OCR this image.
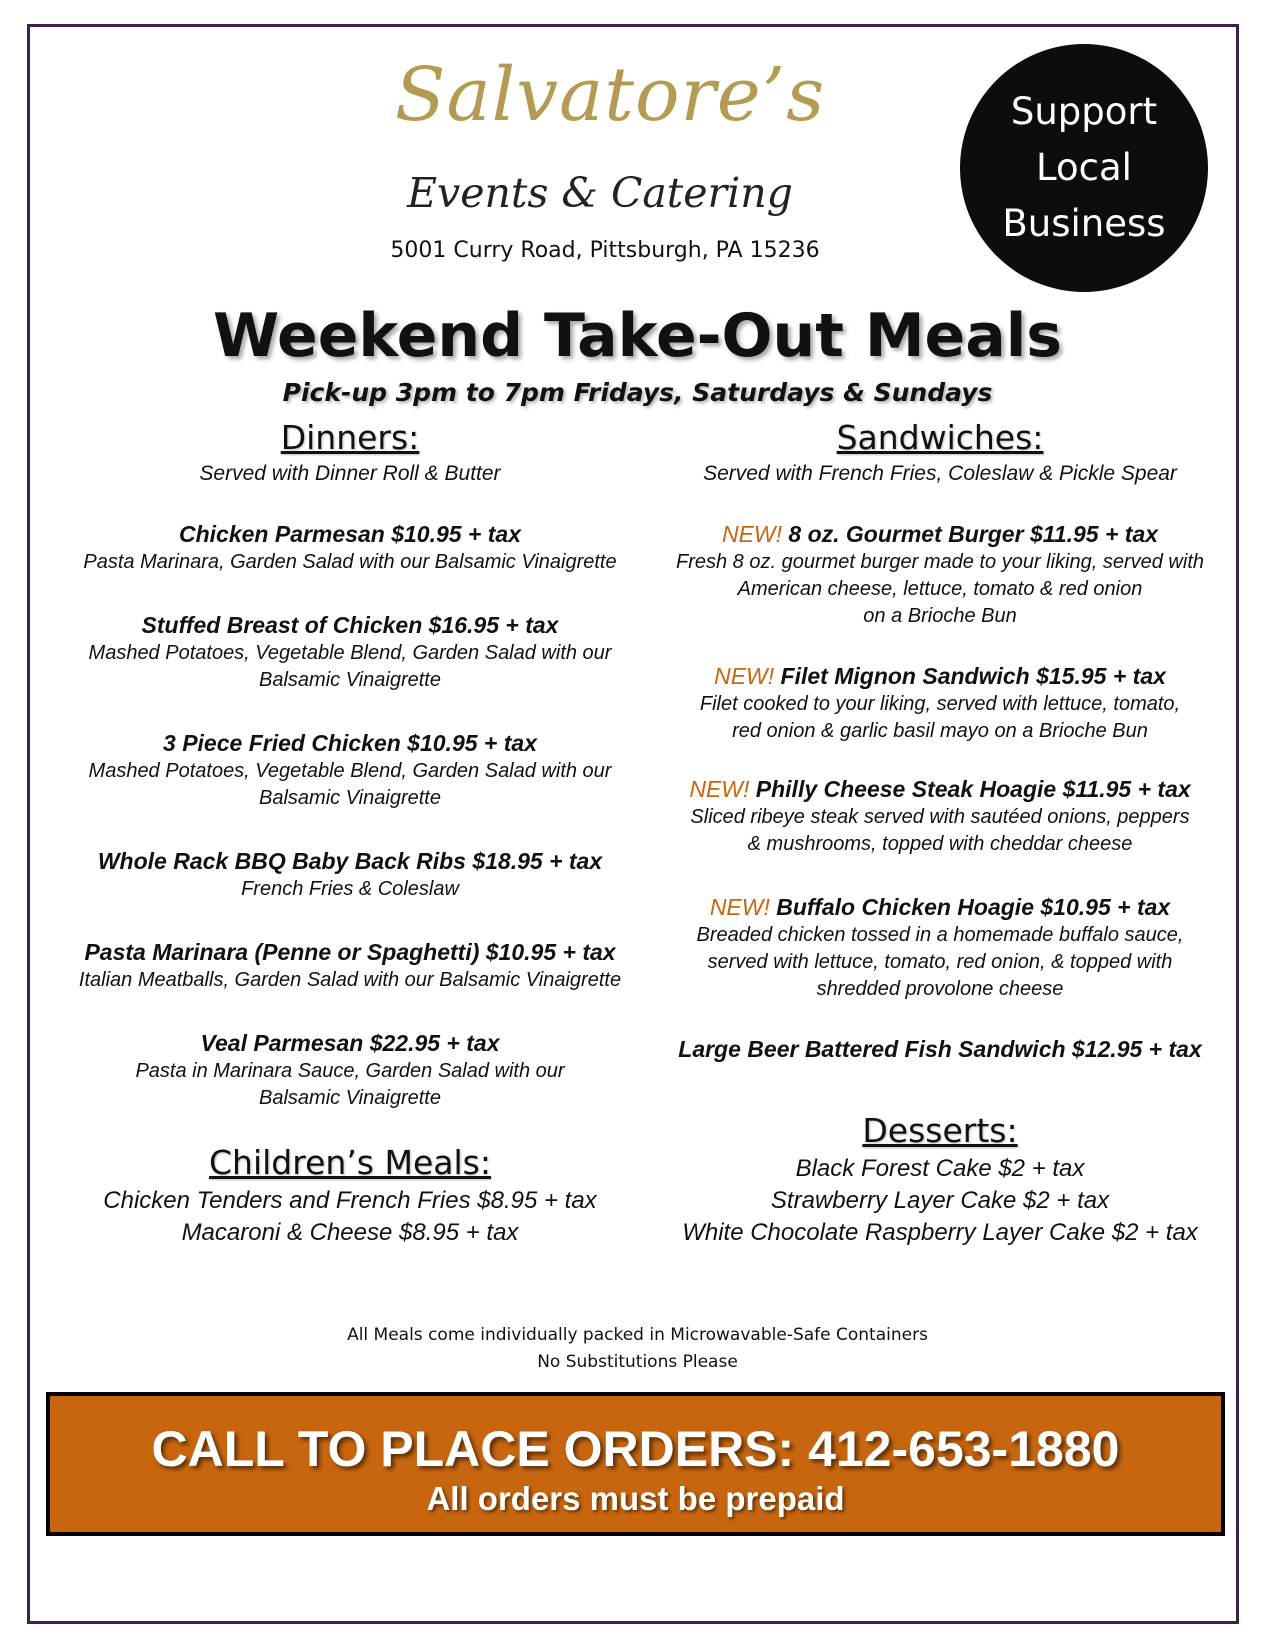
Salvatore’s
Events & Catering
5001 Curry Road, Pittsburgh, PA 15236
Support
Local
Business
Weekend Take-Out Meals
Pick-up 3pm to 7pm Fridays, Saturdays & Sundays
Dinners:
Served with Dinner Roll & Butter
Chicken Parmesan $10.95 + tax
Pasta Marinara, Garden Salad with our Balsamic Vinaigrette
Stuffed Breast of Chicken $16.95 + tax
Mashed Potatoes, Vegetable Blend, Garden Salad with our
Balsamic Vinaigrette
3 Piece Fried Chicken $10.95 + tax
Mashed Potatoes, Vegetable Blend, Garden Salad with our
Balsamic Vinaigrette
Whole Rack BBQ Baby Back Ribs $18.95 + tax
French Fries & Coleslaw
Pasta Marinara (Penne or Spaghetti) $10.95 + tax
Italian Meatballs, Garden Salad with our Balsamic Vinaigrette
Veal Parmesan $22.95 + tax
Pasta in Marinara Sauce, Garden Salad with our
Balsamic Vinaigrette
Children’s Meals:
Chicken Tenders and French Fries $8.95 + tax
Macaroni & Cheese $8.95 + tax
Sandwiches:
Served with French Fries, Coleslaw & Pickle Spear
NEW! 8 oz. Gourmet Burger $11.95 + tax
Fresh 8 oz. gourmet burger made to your liking, served with
American cheese, lettuce, tomato & red onion
on a Brioche Bun
NEW! Filet Mignon Sandwich $15.95 + tax
Filet cooked to your liking, served with lettuce, tomato,
red onion & garlic basil mayo on a Brioche Bun
NEW! Philly Cheese Steak Hoagie $11.95 + tax
Sliced ribeye steak served with sautéed onions, peppers
& mushrooms, topped with cheddar cheese
NEW! Buffalo Chicken Hoagie $10.95 + tax
Breaded chicken tossed in a homemade buffalo sauce,
served with lettuce, tomato, red onion, & topped with
shredded provolone cheese
Large Beer Battered Fish Sandwich $12.95 + tax
Desserts:
Black Forest Cake $2 + tax
Strawberry Layer Cake $2 + tax
White Chocolate Raspberry Layer Cake $2 + tax
All Meals come individually packed in Microwavable-Safe Containers
No Substitutions Please
CALL TO PLACE ORDERS: 412-653-1880
All orders must be prepaid
